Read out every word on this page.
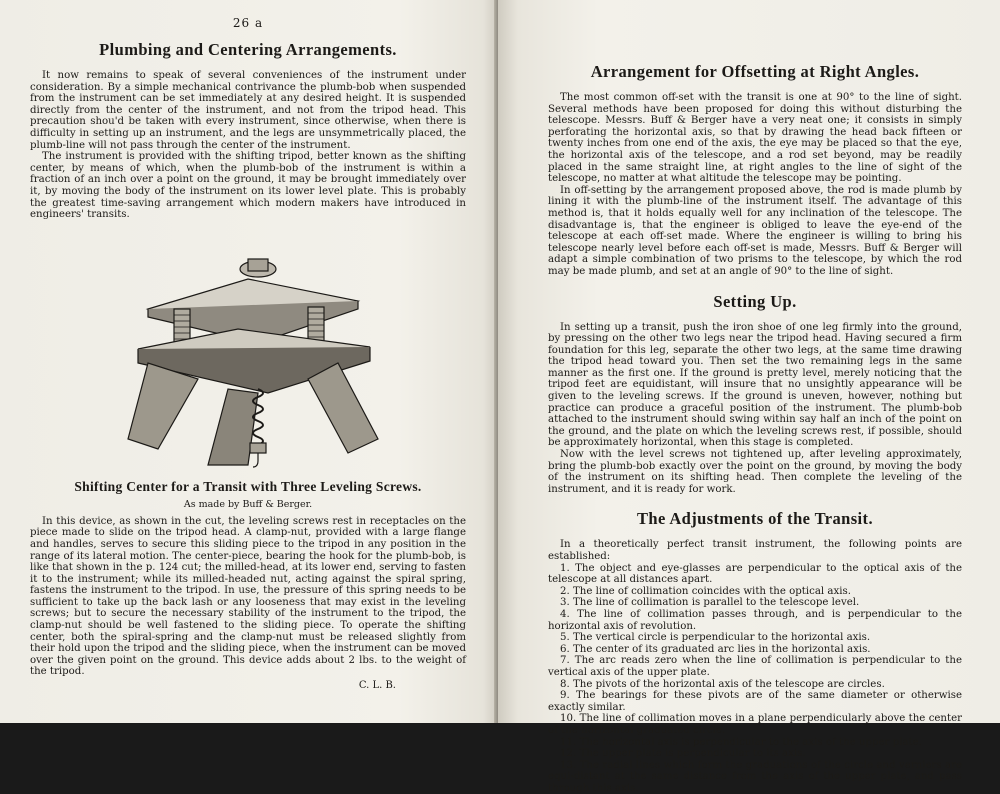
26 a
Plumbing and Centering Arrangements.

It now remains to speak of several conveniences of the instrument under consideration. By a simple mechanical contrivance the plumb-bob when suspended from the instrument can be set immediately at any desired height. It is suspended directly from the center of the instrument, and not from the tripod head. This precaution shou'd be taken with every instrument, since otherwise, when there is difficulty in setting up an instrument, and the legs are unsymmetrically placed, the plumb-line will not pass through the center of the instrument.

The instrument is provided with the shifting tripod, better known as the shifting center, by means of which, when the plumb-bob of the instrument is within a fraction of an inch over a point on the ground, it may be brought immediately over it, by moving the body of the instrument on its lower level plate. This is probably the greatest time-saving arrangement which modern makers have introduced in engineers' transits.

Shifting Center for a Transit with Three Leveling Screws.
As made by Buff & Berger.

In this device, as shown in the cut, the leveling screws rest in receptacles on the piece made to slide on the tripod head. A clamp-nut, provided with a large flange and handles, serves to secure this sliding piece to the tripod in any position in the range of its lateral motion. The center-piece, bearing the hook for the plumb-bob, is like that shown in the p. 124 cut; the milled-head, at its lower end, serving to fasten it to the instrument; while its milled-headed nut, acting against the spiral spring, fastens the instrument to the tripod. In use, the pressure of this spring needs to be sufficient to take up the back lash or any looseness that may exist in the leveling screws; but to secure the necessary stability of the instrument to the tripod, the clamp-nut should be well fastened to the sliding piece. To operate the shifting center, both the spiral-spring and the clamp-nut must be released slightly from their hold upon the tripod and the sliding piece, when the instrument can be moved over the given point on the ground. This device adds about 2 lbs. to the weight of the tripod.

C. L. B.
Arrangement for Offsetting at Right Angles.

The most common off-set with the transit is one at 90° to the line of sight. Several methods have been proposed for doing this without disturbing the telescope. Messrs. Buff & Berger have a very neat one; it consists in simply perforating the horizontal axis, so that by drawing the head back fifteen or twenty inches from one end of the axis, the eye may be placed so that the eye, the horizontal axis of the telescope, and a rod set beyond, may be readily placed in the same straight line, at right angles to the line of sight of the telescope, no matter at what altitude the telescope may be pointing.

In off-setting by the arrangement proposed above, the rod is made plumb by lining it with the plumb-line of the instrument itself. The advantage of this method is, that it holds equally well for any inclination of the telescope. The disadvantage is, that the engineer is obliged to leave the eye-end of the telescope at each off-set made. Where the engineer is willing to bring his telescope nearly level before each off-set is made, Messrs. Buff & Berger will adapt a simple combination of two prisms to the telescope, by which the rod may be made plumb, and set at an angle of 90° to the line of sight.

Setting Up.

In setting up a transit, push the iron shoe of one leg firmly into the ground, by pressing on the other two legs near the tripod head. Having secured a firm foundation for this leg, separate the other two legs, at the same time drawing the tripod head toward you. Then set the two remaining legs in the same manner as the first one. If the ground is pretty level, merely noticing that the tripod feet are equidistant, will insure that no unsightly appearance will be given to the leveling screws. If the ground is uneven, however, nothing but practice can produce a graceful position of the instrument. The plumb-bob attached to the instrument should swing within say half an inch of the point on the ground, and the plate on which the leveling screws rest, if possible, should be approximately horizontal, when this stage is completed.

Now with the level screws not tightened up, after leveling approximately, bring the plumb-bob exactly over the point on the ground, by moving the body of the instrument on its shifting head. Then complete the leveling of the instrument, and it is ready for work.

The Adjustments of the Transit.

In a theoretically perfect transit instrument, the following points are established:

1. The object and eye-glasses are perpendicular to the optical axis of the telescope at all distances apart.

2. The line of collimation coincides with the optical axis.

3. The line of collimation is parallel to the telescope level.

4. The line of collimation passes through, and is perpendicular to the horizontal axis of revolution.

5. The vertical circle is perpendicular to the horizontal axis.

6. The center of its graduated arc lies in the horizontal axis.

7. The arc reads zero when the line of collimation is perpendicular to the vertical axis of the upper plate.

8. The pivots of the horizontal axis of the telescope are circles.

9. The bearings for these pivots are of the same diameter or otherwise exactly similar.

10. The line of collimation moves in a plane perpendicularly above the center of the horizontal graduated circle.

11. The horizontal axis is perpendicular to the axis of the upper plate.

12. The upper plate is perpendicular to its axis.

13. The radial lines which form the graduations of the circle and verniers are equi-distant at the same distance from the axis of the upper plate, and pass through this axis.
